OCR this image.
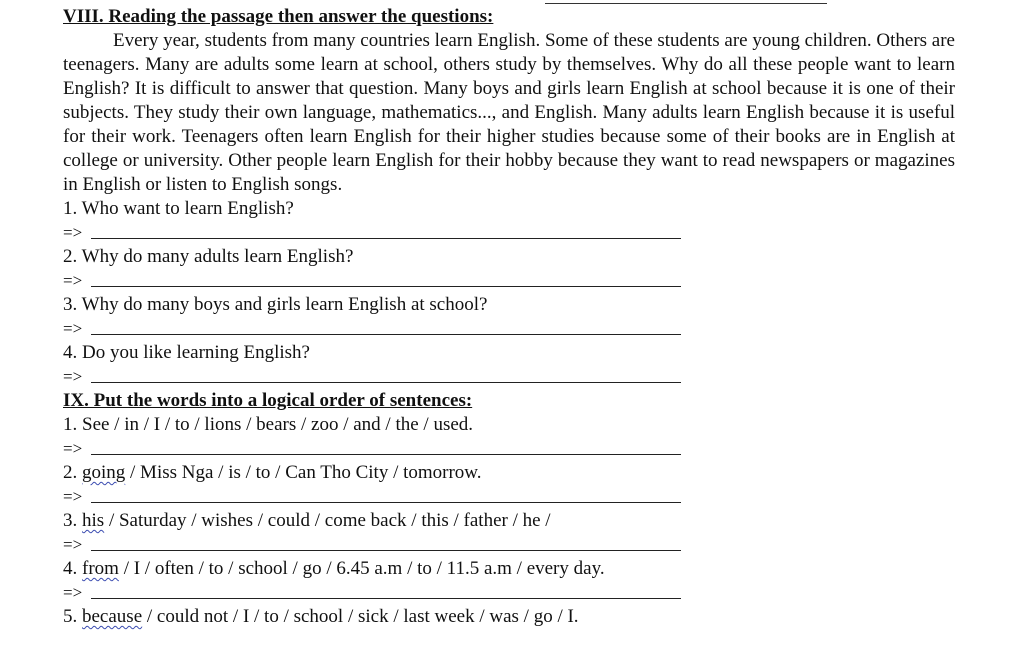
VIII. Reading the passage then answer the questions:

Every year, students from many countries learn English. Some of these students are young children. Others are teenagers. Many are adults some learn at school, others study by themselves. Why do all these people want to learn English? It is difficult to answer that question. Many boys and girls learn English at school because it is one of their subjects. They study their own language, mathematics..., and English. Many adults learn English because it is useful for their work. Teenagers often learn English for their higher studies because some of their books are in English at college or university. Other people learn English for their hobby because they want to read newspapers or magazines in English or listen to English songs.

1. Who want to learn English?

=>

2. Why do many adults learn English?

=>

3. Why do many boys and girls learn English at school?

=>

4. Do you like learning English?

=>
IX. Put the words into a logical order of sentences:

1. See / in / I / to / lions / bears / zoo / and / the / used.

=>

2. going / Miss Nga / is / to / Can Tho City / tomorrow.

=>

3. his / Saturday / wishes / could / come back / this / father / he /

=>

4. from / I / often / to / school / go / 6.45 a.m / to / 11.5 a.m / every day.

=>

5. because / could not / I / to / school / sick / last week / was / go / I.
